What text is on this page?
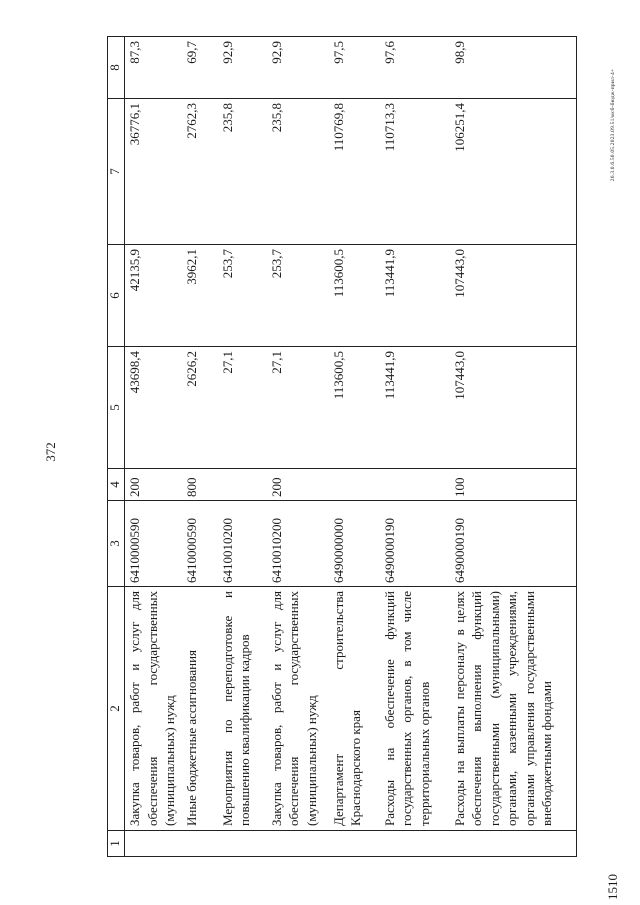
372
26.3.0.6.50.05.2023.09.51/мсб-бюдж-прил-4+
1510
1	2	3	4	5	6	7	8
	Закупка товаров, работ и услуг для обеспечения государственных (муниципальных) нужд	6410000590	200	43698,4	42135,9	36776,1	87,3
	Иные бюджетные ассигнования	6410000590	800	2626,2	3962,1	2762,3	69,7
	Мероприятия по переподготовке и повышению квалификации кадров	6410010200		27,1	253,7	235,8	92,9
	Закупка товаров, работ и услуг для обеспечения государственных (муниципальных) нужд	6410010200	200	27,1	253,7	235,8	92,9
	Департамент строительства Краснодарского края	6490000000		113600,5	113600,5	110769,8	97,5
	Расходы на обеспечение функций государственных органов, в том числе территориальных органов	6490000190		113441,9	113441,9	110713,3	97,6
	Расходы на выплаты персоналу в целях обеспечения выполнения функций государственными (муниципальными) органами, казенными учреждениями, органами управления государственными внебюджетными фондами	6490000190	100	107443,0	107443,0	106251,4	98,9
